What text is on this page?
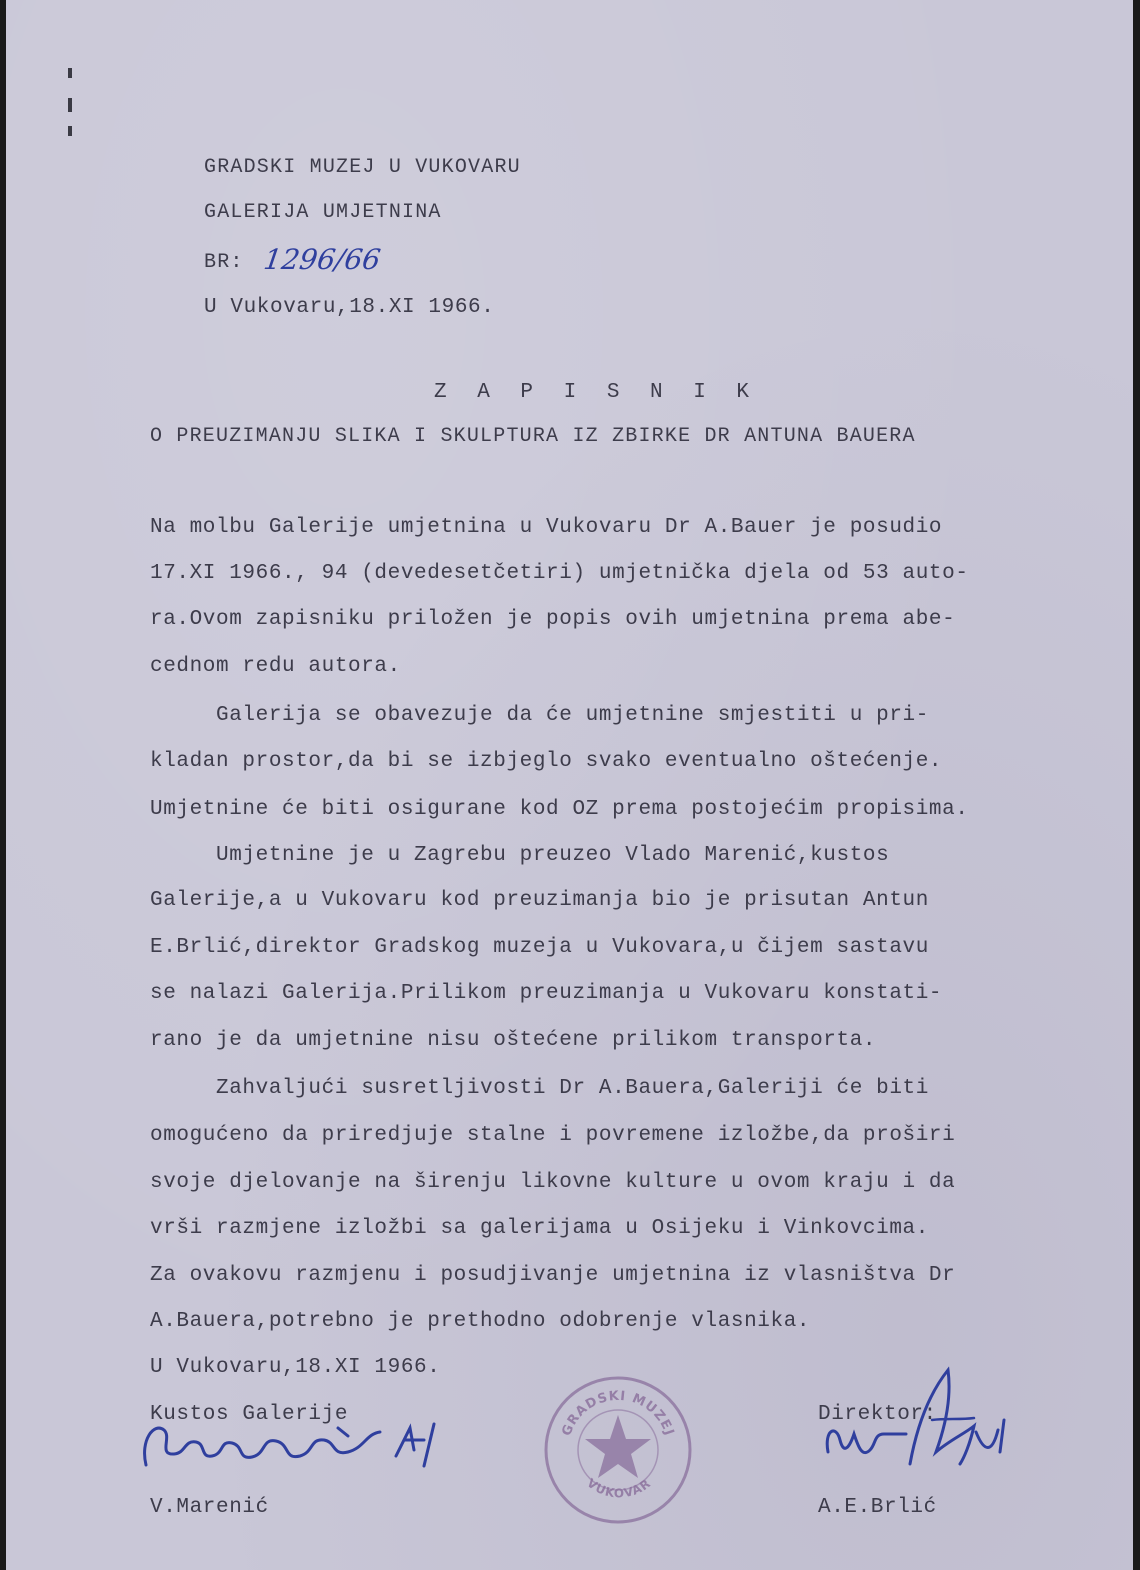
GRADSKI MUZEJ U VUKOVARU
GALERIJA UMJETNINA
BR: 1296/66
U Vukovaru,18.XI 1966.
Z A P I S N I K
O PREUZIMANJU SLIKA I SKULPTURA IZ ZBIRKE DR ANTUNA BAUERA
Na molbu Galerije umjetnina u Vukovaru Dr A.Bauer je posudio
17.XI 1966., 94 (devedesetčetiri) umjetnička djela od 53 auto-
ra.Ovom zapisniku priložen je popis ovih umjetnina prema abe-
cednom redu autora.
Galerija se obavezuje da će umjetnine smjestiti u pri-
kladan prostor,da bi se izbjeglo svako eventualno oštećenje.
Umjetnine će biti osigurane kod OZ prema postojećim propisima.
Umjetnine je u Zagrebu preuzeo Vlado Marenić,kustos
Galerije,a u Vukovaru kod preuzimanja bio je prisutan Antun
E.Brlić,direktor Gradskog muzeja u Vukovara,u čijem sastavu
se nalazi Galerija.Prilikom preuzimanja u Vukovaru konstati-
rano je da umjetnine nisu oštećene prilikom transporta.
Zahvaljući susretljivosti Dr A.Bauera,Galeriji će biti
omogućeno da priredjuje stalne i povremene izložbe,da proširi
svoje djelovanje na širenju likovne kulture u ovom kraju i da
vrši razmjene izložbi sa galerijama u Osijeku i Vinkovcima.
Za ovakovu razmjenu i posudjivanje umjetnina iz vlasništva Dr
A.Bauera,potrebno je prethodno odobrenje vlasnika.
U Vukovaru,18.XI 1966.
Kustos Galerije
V.Marenić
GRADSKI MUZEJ
VUKOVAR
Direktor:
A.E.Brlić
